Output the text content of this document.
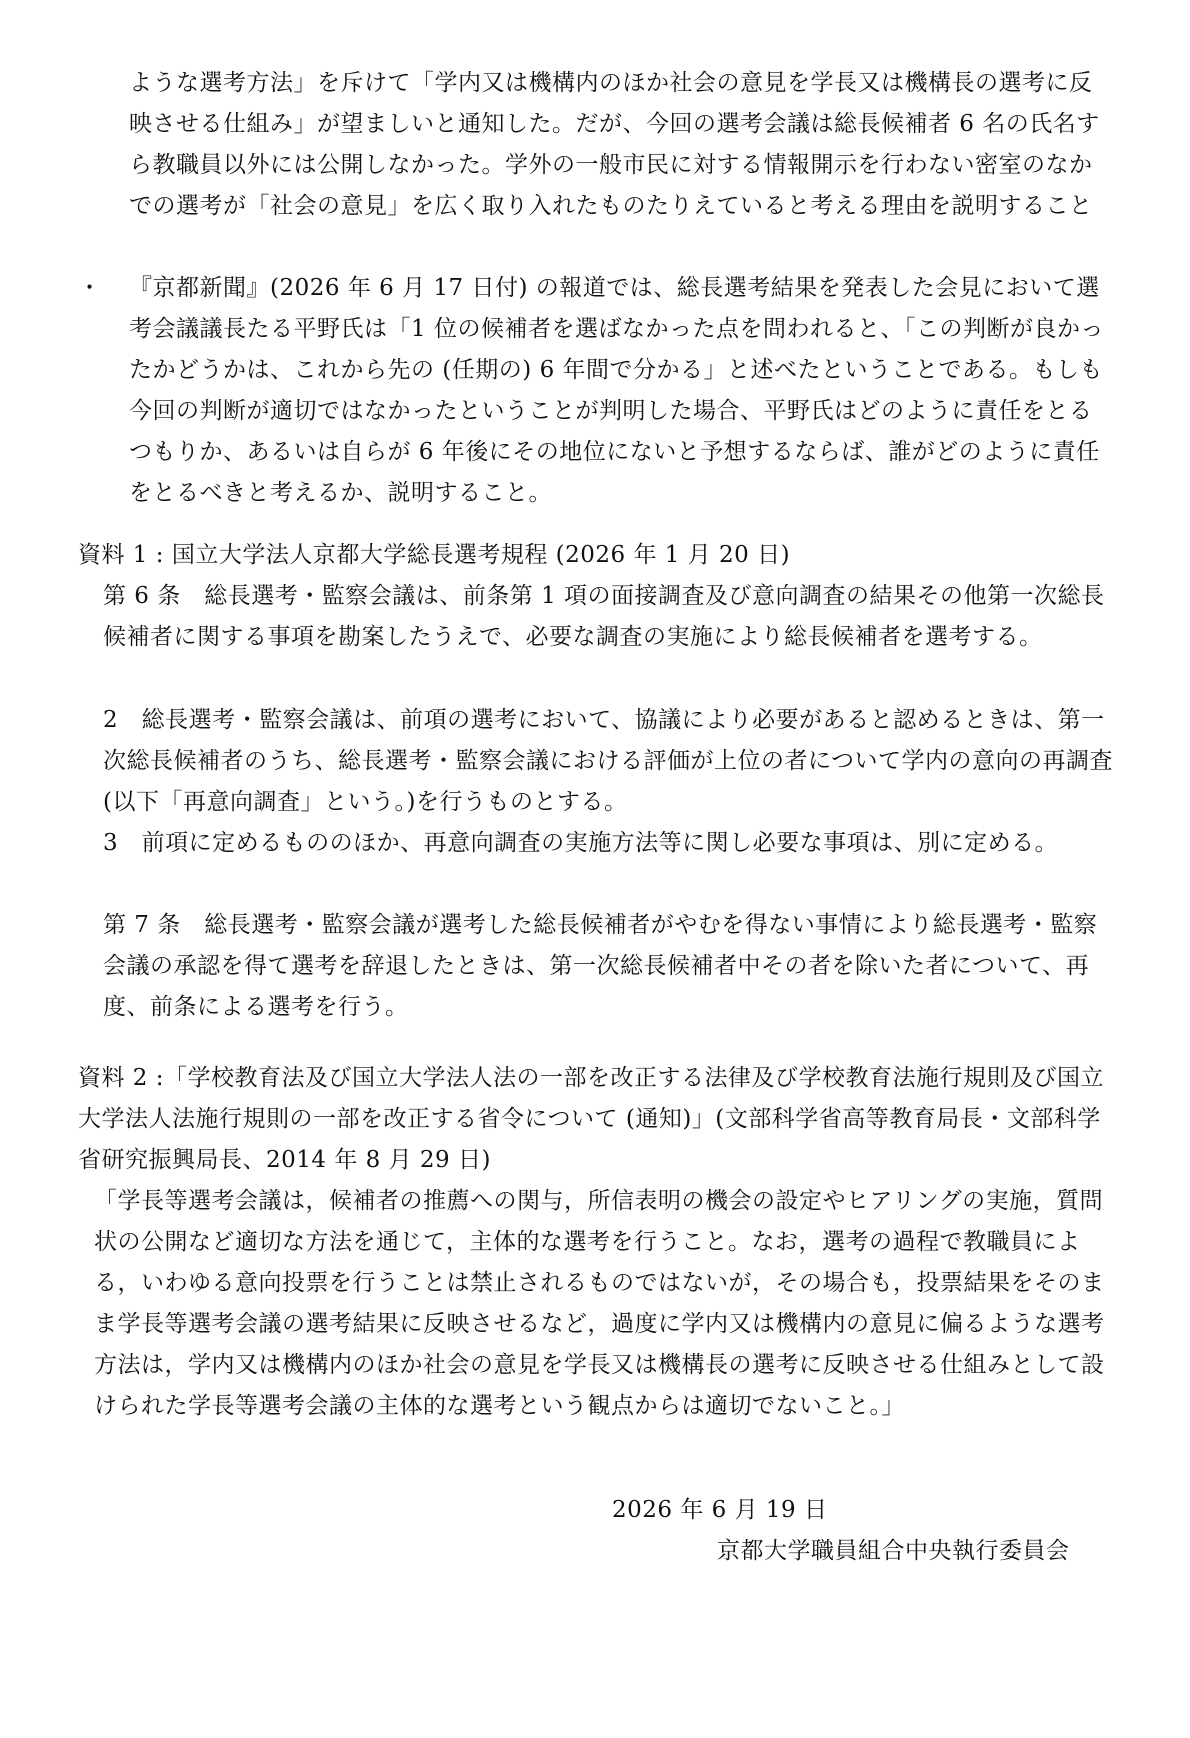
ような選考方法」を斥けて「学内又は機構内のほか社会の意見を学長又は機構長の選考に反映させる仕組み」が望ましいと通知した。だが、今回の選考会議は総長候補者 6 名の氏名すら教職員以外には公開しなかった。学外の一般市民に対する情報開示を行わない密室のなかでの選考が「社会の意見」を広く取り入れたものたりえていると考える理由を説明すること
・ 『京都新聞』(2026 年 6 月 17 日付) の報道では、総長選考結果を発表した会見において選考会議議長たる平野氏は「1 位の候補者を選ばなかった点を問われると、「この判断が良かったかどうかは、これから先の (任期の) 6 年間で分かる」と述べたということである。もしも今回の判断が適切ではなかったということが判明した場合、平野氏はどのように責任をとるつもりか、あるいは自らが 6 年後にその地位にないと予想するならば、誰がどのように責任をとるべきと考えるか、説明すること。
資料 1 : 国立大学法人京都大学総長選考規程 (2026 年 1 月 20 日)
第 6 条　総長選考・監察会議は、前条第 1 項の面接調査及び意向調査の結果その他第一次総長候補者に関する事項を勘案したうえで、必要な調査の実施により総長候補者を選考する。
2　総長選考・監察会議は、前項の選考において、協議により必要があると認めるときは、第一次総長候補者のうち、総長選考・監察会議における評価が上位の者について学内の意向の再調査(以下「再意向調査」という。)を行うものとする。
3　前項に定めるもののほか、再意向調査の実施方法等に関し必要な事項は、別に定める。
第 7 条　総長選考・監察会議が選考した総長候補者がやむを得ない事情により総長選考・監察会議の承認を得て選考を辞退したときは、第一次総長候補者中その者を除いた者について、再度、前条による選考を行う。
資料 2 :「学校教育法及び国立大学法人法の一部を改正する法律及び学校教育法施行規則及び国立大学法人法施行規則の一部を改正する省令について (通知)」(文部科学省高等教育局長・文部科学省研究振興局長、2014 年 8 月 29 日)
「学長等選考会議は，候補者の推薦への関与，所信表明の機会の設定やヒアリングの実施，質問状の公開など適切な方法を通じて，主体的な選考を行うこと。なお，選考の過程で教職員による，いわゆる意向投票を行うことは禁止されるものではないが，その場合も，投票結果をそのまま学長等選考会議の選考結果に反映させるなど，過度に学内又は機構内の意見に偏るような選考方法は，学内又は機構内のほか社会の意見を学長又は機構長の選考に反映させる仕組みとして設けられた学長等選考会議の主体的な選考という観点からは適切でないこと。」
2026 年 6 月 19 日
京都大学職員組合中央執行委員会
